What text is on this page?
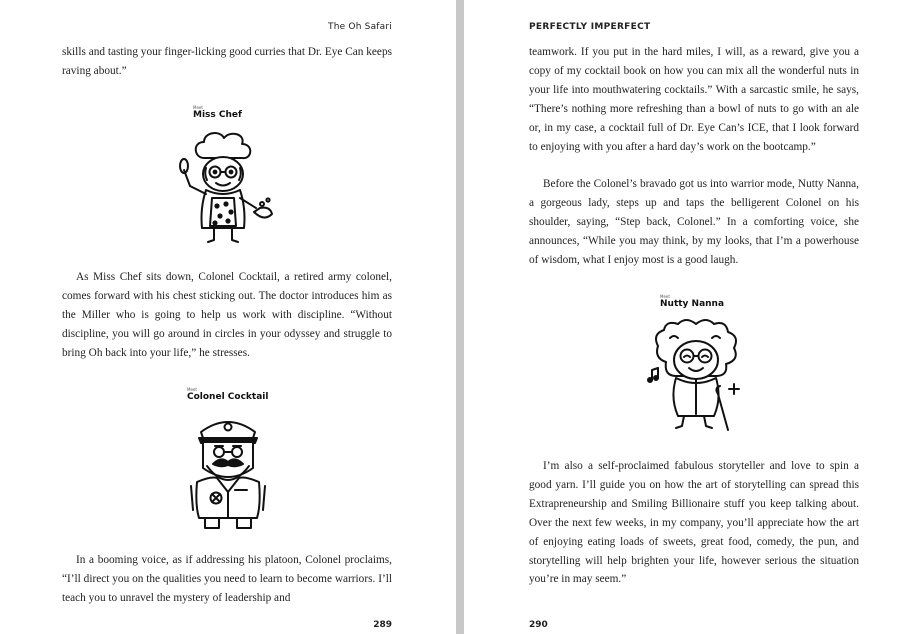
The Oh Safari

skills and tasting your finger-licking good curries that Dr. Eye Can keeps raving about.”

Meet
Miss Chef

As Miss Chef sits down, Colonel Cocktail, a retired army colonel, comes forward with his chest sticking out. The doctor introduces him as the Miller who is going to help us work with discipline. “Without discipline, you will go around in circles in your odyssey and struggle to bring Oh back into your life,” he stresses.

Meet
Colonel Cocktail

In a booming voice, as if addressing his platoon, Colonel proclaims, “I’ll direct you on the qualities you need to learn to become warriors. I’ll teach you to unravel the mystery of leadership and

289
PERFECTLY IMPERFECT

teamwork. If you put in the hard miles, I will, as a reward, give you a copy of my cocktail book on how you can mix all the wonderful nuts in your life into mouthwatering cocktails.” With a sarcastic smile, he says, “There’s nothing more refreshing than a bowl of nuts to go with an ale or, in my case, a cocktail full of Dr. Eye Can’s ICE, that I look forward to enjoying with you after a hard day’s work on the bootcamp.”

Before the Colonel’s bravado got us into warrior mode, Nutty Nanna, a gorgeous lady, steps up and taps the belligerent Colonel on his shoulder, saying, “Step back, Colonel.” In a comforting voice, she announces, “While you may think, by my looks, that I’m a powerhouse of wisdom, what I enjoy most is a good laugh.

Meet
Nutty Nanna

I’m also a self-proclaimed fabulous storyteller and love to spin a good yarn. I’ll guide you on how the art of storytelling can spread this Extrapreneurship and Smiling Billionaire stuff you keep talking about. Over the next few weeks, in my company, you’ll appreciate how the art of enjoying eating loads of sweets, great food, comedy, the pun, and storytelling will help brighten your life, however serious the situation you’re in may seem.”

290
